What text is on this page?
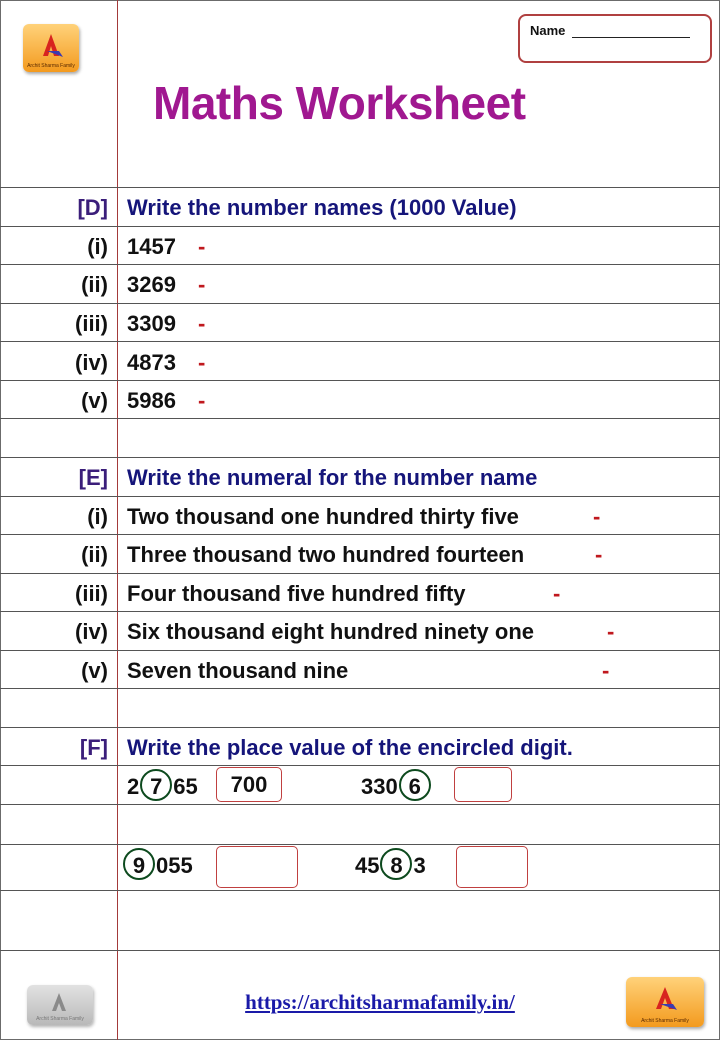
Archit Sharma Family
Name
Maths Worksheet
[D] Write the number names (1000 Value)
(i) 1457 -
(ii) 3269 -
(iii) 3309 -
(iv) 4873 -
(v) 5986 -
[E] Write the numeral for the number name
(i) Two thousand one hundred thirty five	-
(ii) Three thousand two hundred fourteen	-
(iii) Four thousand five hundred fifty	-
(iv) Six thousand eight hundred ninety one	-
(v) Seven thousand nine	-
[F] Write the place value of the encircled digit.
2 7 65	700	330 6
9 055	45 8 3
Archit Sharma Family
https://architsharmafamily.in/
Archit Sharma Family
